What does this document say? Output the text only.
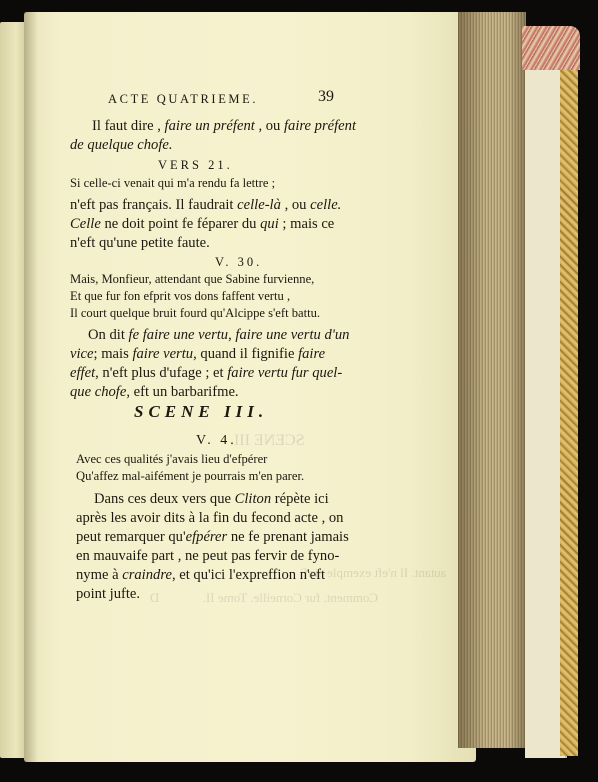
Comment. fur Corneille. Tome II. D
autant. Il n'eft exemple ainfi
SCENE III.
ACTE QUATRIEME.	39
Il faut dire , faire un préfent , ou faire préfent
de quelque chofe.
VERS 21.
Si celle-ci venait qui m'a rendu fa lettre ;
n'eft pas français. Il faudrait celle-là , ou celle.
Celle ne doit point fe féparer du qui ; mais ce
n'eft qu'une petite faute.
V. 30.
Mais, Monfieur, attendant que Sabine furvienne,
Et que fur fon efprit vos dons faffent vertu ,
Il court quelque bruit fourd qu'Alcippe s'eft battu.
On dit fe faire une vertu, faire une vertu d'un
vice; mais faire vertu, quand il fignifie faire
effet, n'eft plus d'ufage ; et faire vertu fur quel-
que chofe, eft un barbarifme.
SCENE III.
V. 4.
Avec ces qualités j'avais lieu d'efpérer
Qu'affez mal-aifément je pourrais m'en parer.
Dans ces deux vers que Cliton répète ici
après les avoir dits à la fin du fecond acte , on
peut remarquer qu'efpérer ne fe prenant jamais
en mauvaife part , ne peut pas fervir de fyno-
nyme à craindre, et qu'ici l'expreffion n'eft
point jufte.
